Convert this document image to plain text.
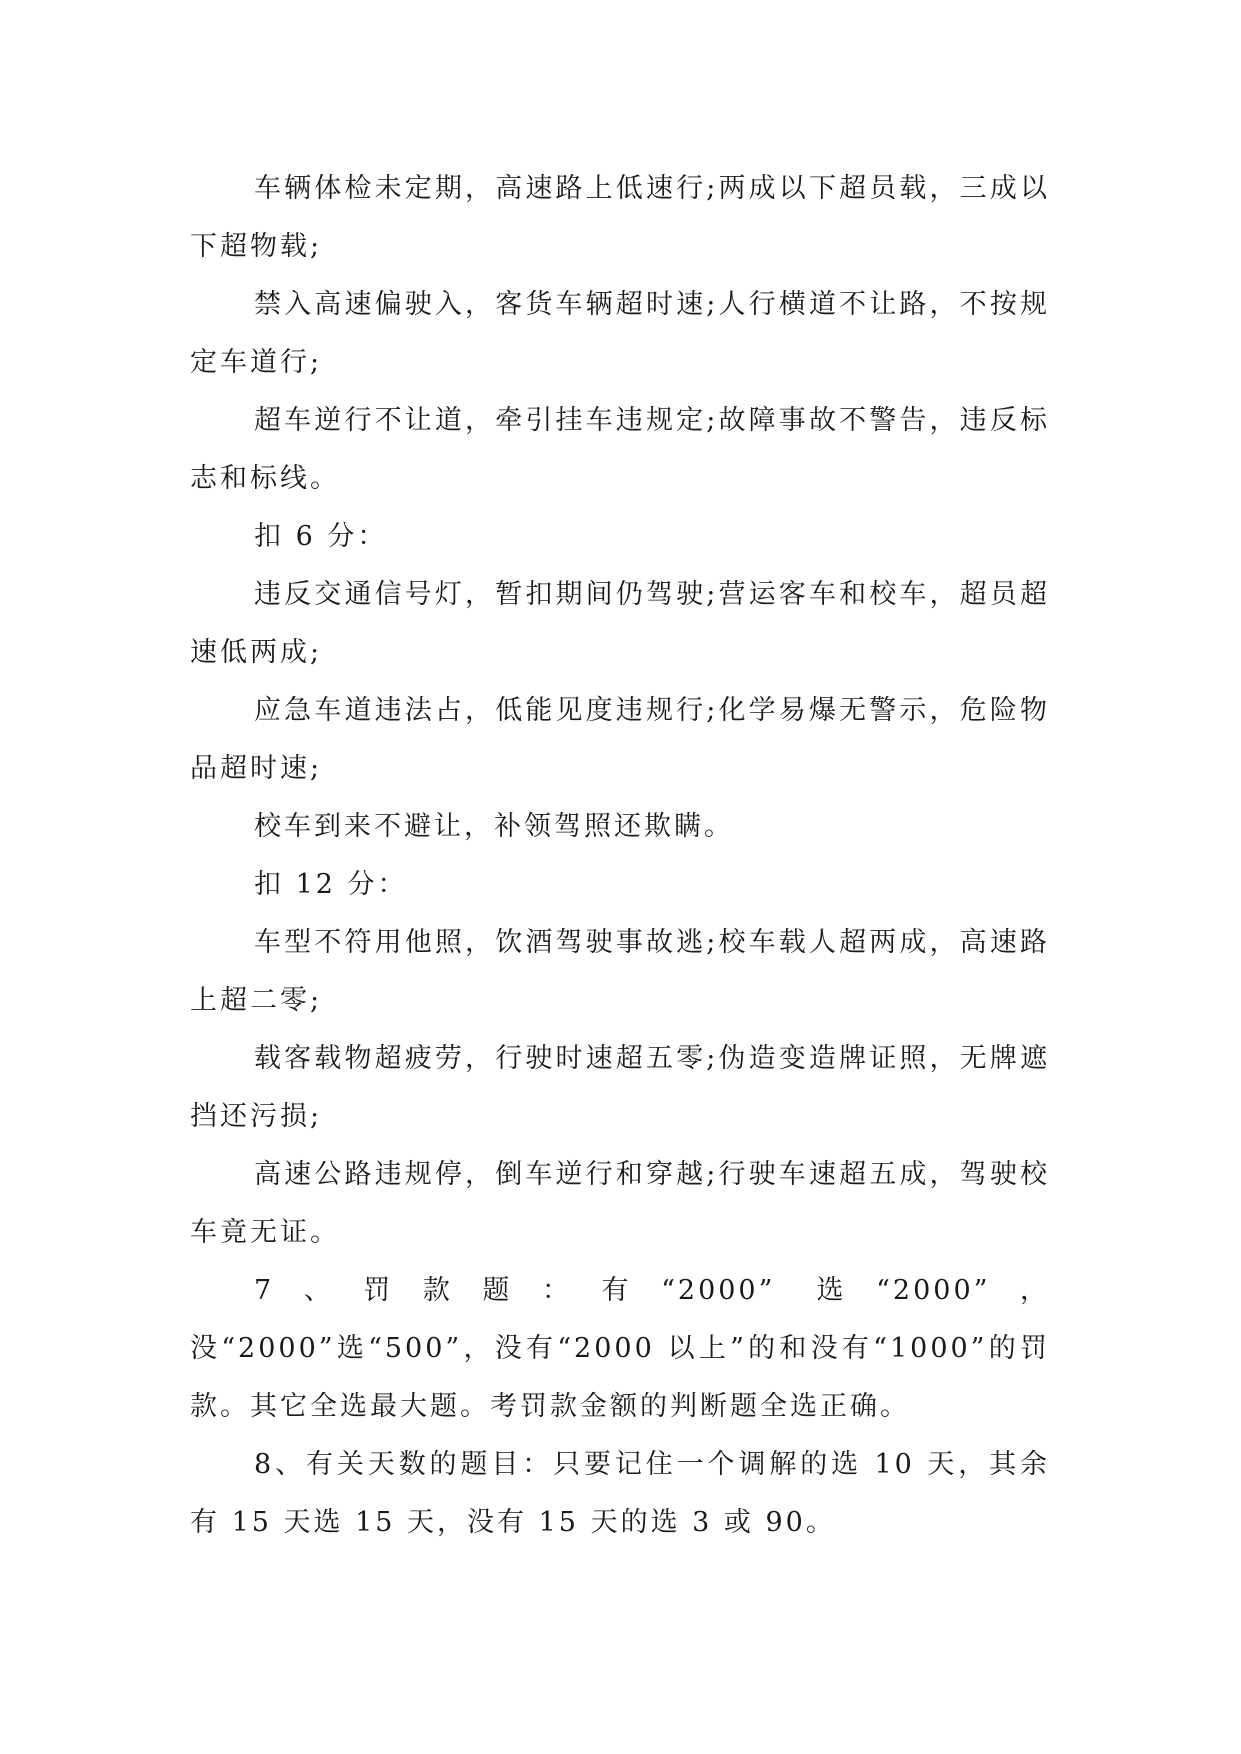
车辆体检未定期，高速路上低速行;两成以下超员载，三成以下超物载;

禁入高速偏驶入，客货车辆超时速;人行横道不让路，不按规定车道行;

超车逆行不让道，牵引挂车违规定;故障事故不警告，违反标志和标线。

扣 6 分：

违反交通信号灯，暂扣期间仍驾驶;营运客车和校车，超员超速低两成;

应急车道违法占，低能见度违规行;化学易爆无警示，危险物品超时速;

校车到来不避让，补领驾照还欺瞒。

扣 12 分：

车型不符用他照，饮酒驾驶事故逃;校车载人超两成，高速路上超二零;

载客载物超疲劳，行驶时速超五零;伪造变造牌证照，无牌遮挡还污损;

高速公路违规停，倒车逆行和穿越;行驶车速超五成，驾驶校车竟无证。

7、罚款题：有“2000” 选“2000”，没“2000”选“500”，没有“2000 以上”的和没有“1000”的罚款。其它全选最大题。考罚款金额的判断题全选正确。

8、有关天数的题目：只要记住一个调解的选 10 天，其余有 15 天选 15 天，没有 15 天的选 3 或 90。
